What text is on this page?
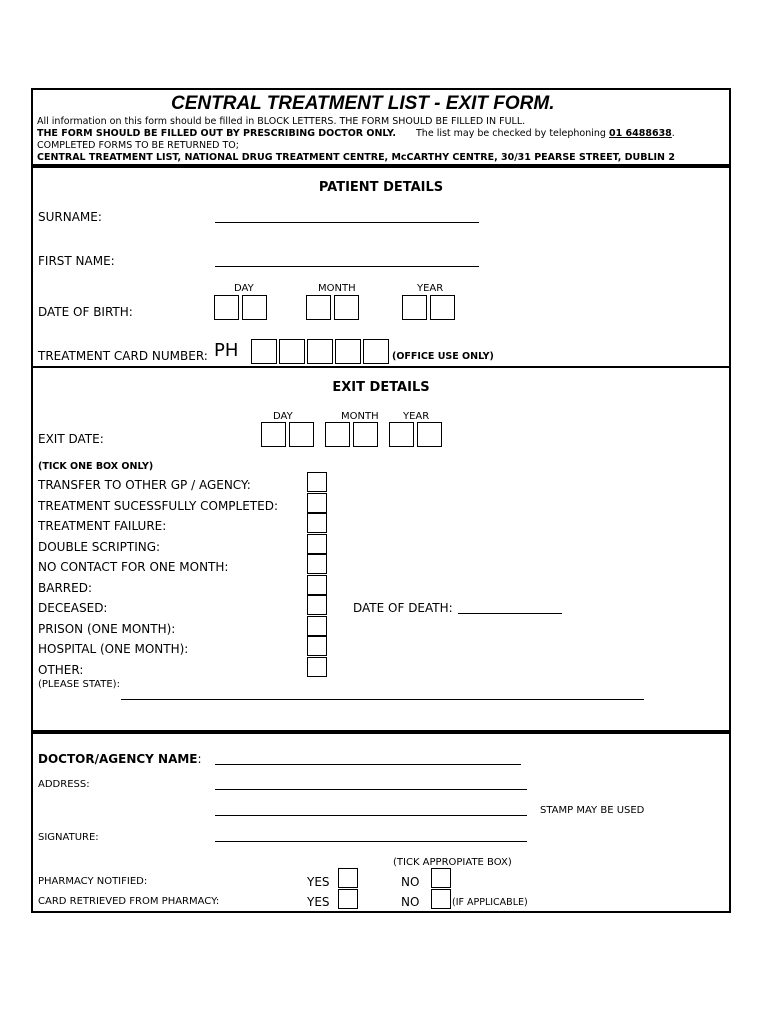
CENTRAL TREATMENT LIST - EXIT FORM.
All information on this form should be filled in BLOCK LETTERS. THE FORM SHOULD BE FILLED IN FULL.
THE FORM SHOULD BE FILLED OUT BY PRESCRIBING DOCTOR ONLY. The list may be checked by telephoning 01 6488638.
COMPLETED FORMS TO BE RETURNED TO;
CENTRAL TREATMENT LIST, NATIONAL DRUG TREATMENT CENTRE, McCARTHY CENTRE, 30/31 PEARSE STREET, DUBLIN 2
PATIENT DETAILS
SURNAME:
FIRST NAME:
DAY	MONTH	YEAR
DATE OF BIRTH:
TREATMENT CARD NUMBER: PH	(OFFICE USE ONLY)
EXIT DETAILS
DAY	MONTH YEAR
EXIT DATE:
(TICK ONE BOX ONLY)
TRANSFER TO OTHER GP / AGENCY:
TREATMENT SUCESSFULLY COMPLETED:
TREATMENT FAILURE:
DOUBLE SCRIPTING:
NO CONTACT FOR ONE MONTH:
BARRED:
DECEASED:
PRISON (ONE MONTH):
HOSPITAL (ONE MONTH):
OTHER:
DATE OF DEATH:
(PLEASE STATE):
DOCTOR/AGENCY NAME:
ADDRESS:
STAMP MAY BE USED
SIGNATURE:
(TICK APPROPIATE BOX)
PHARMACY NOTIFIED:	YES	NO
CARD RETRIEVED FROM PHARMACY:	YES	NO	(IF APPLICABLE)
